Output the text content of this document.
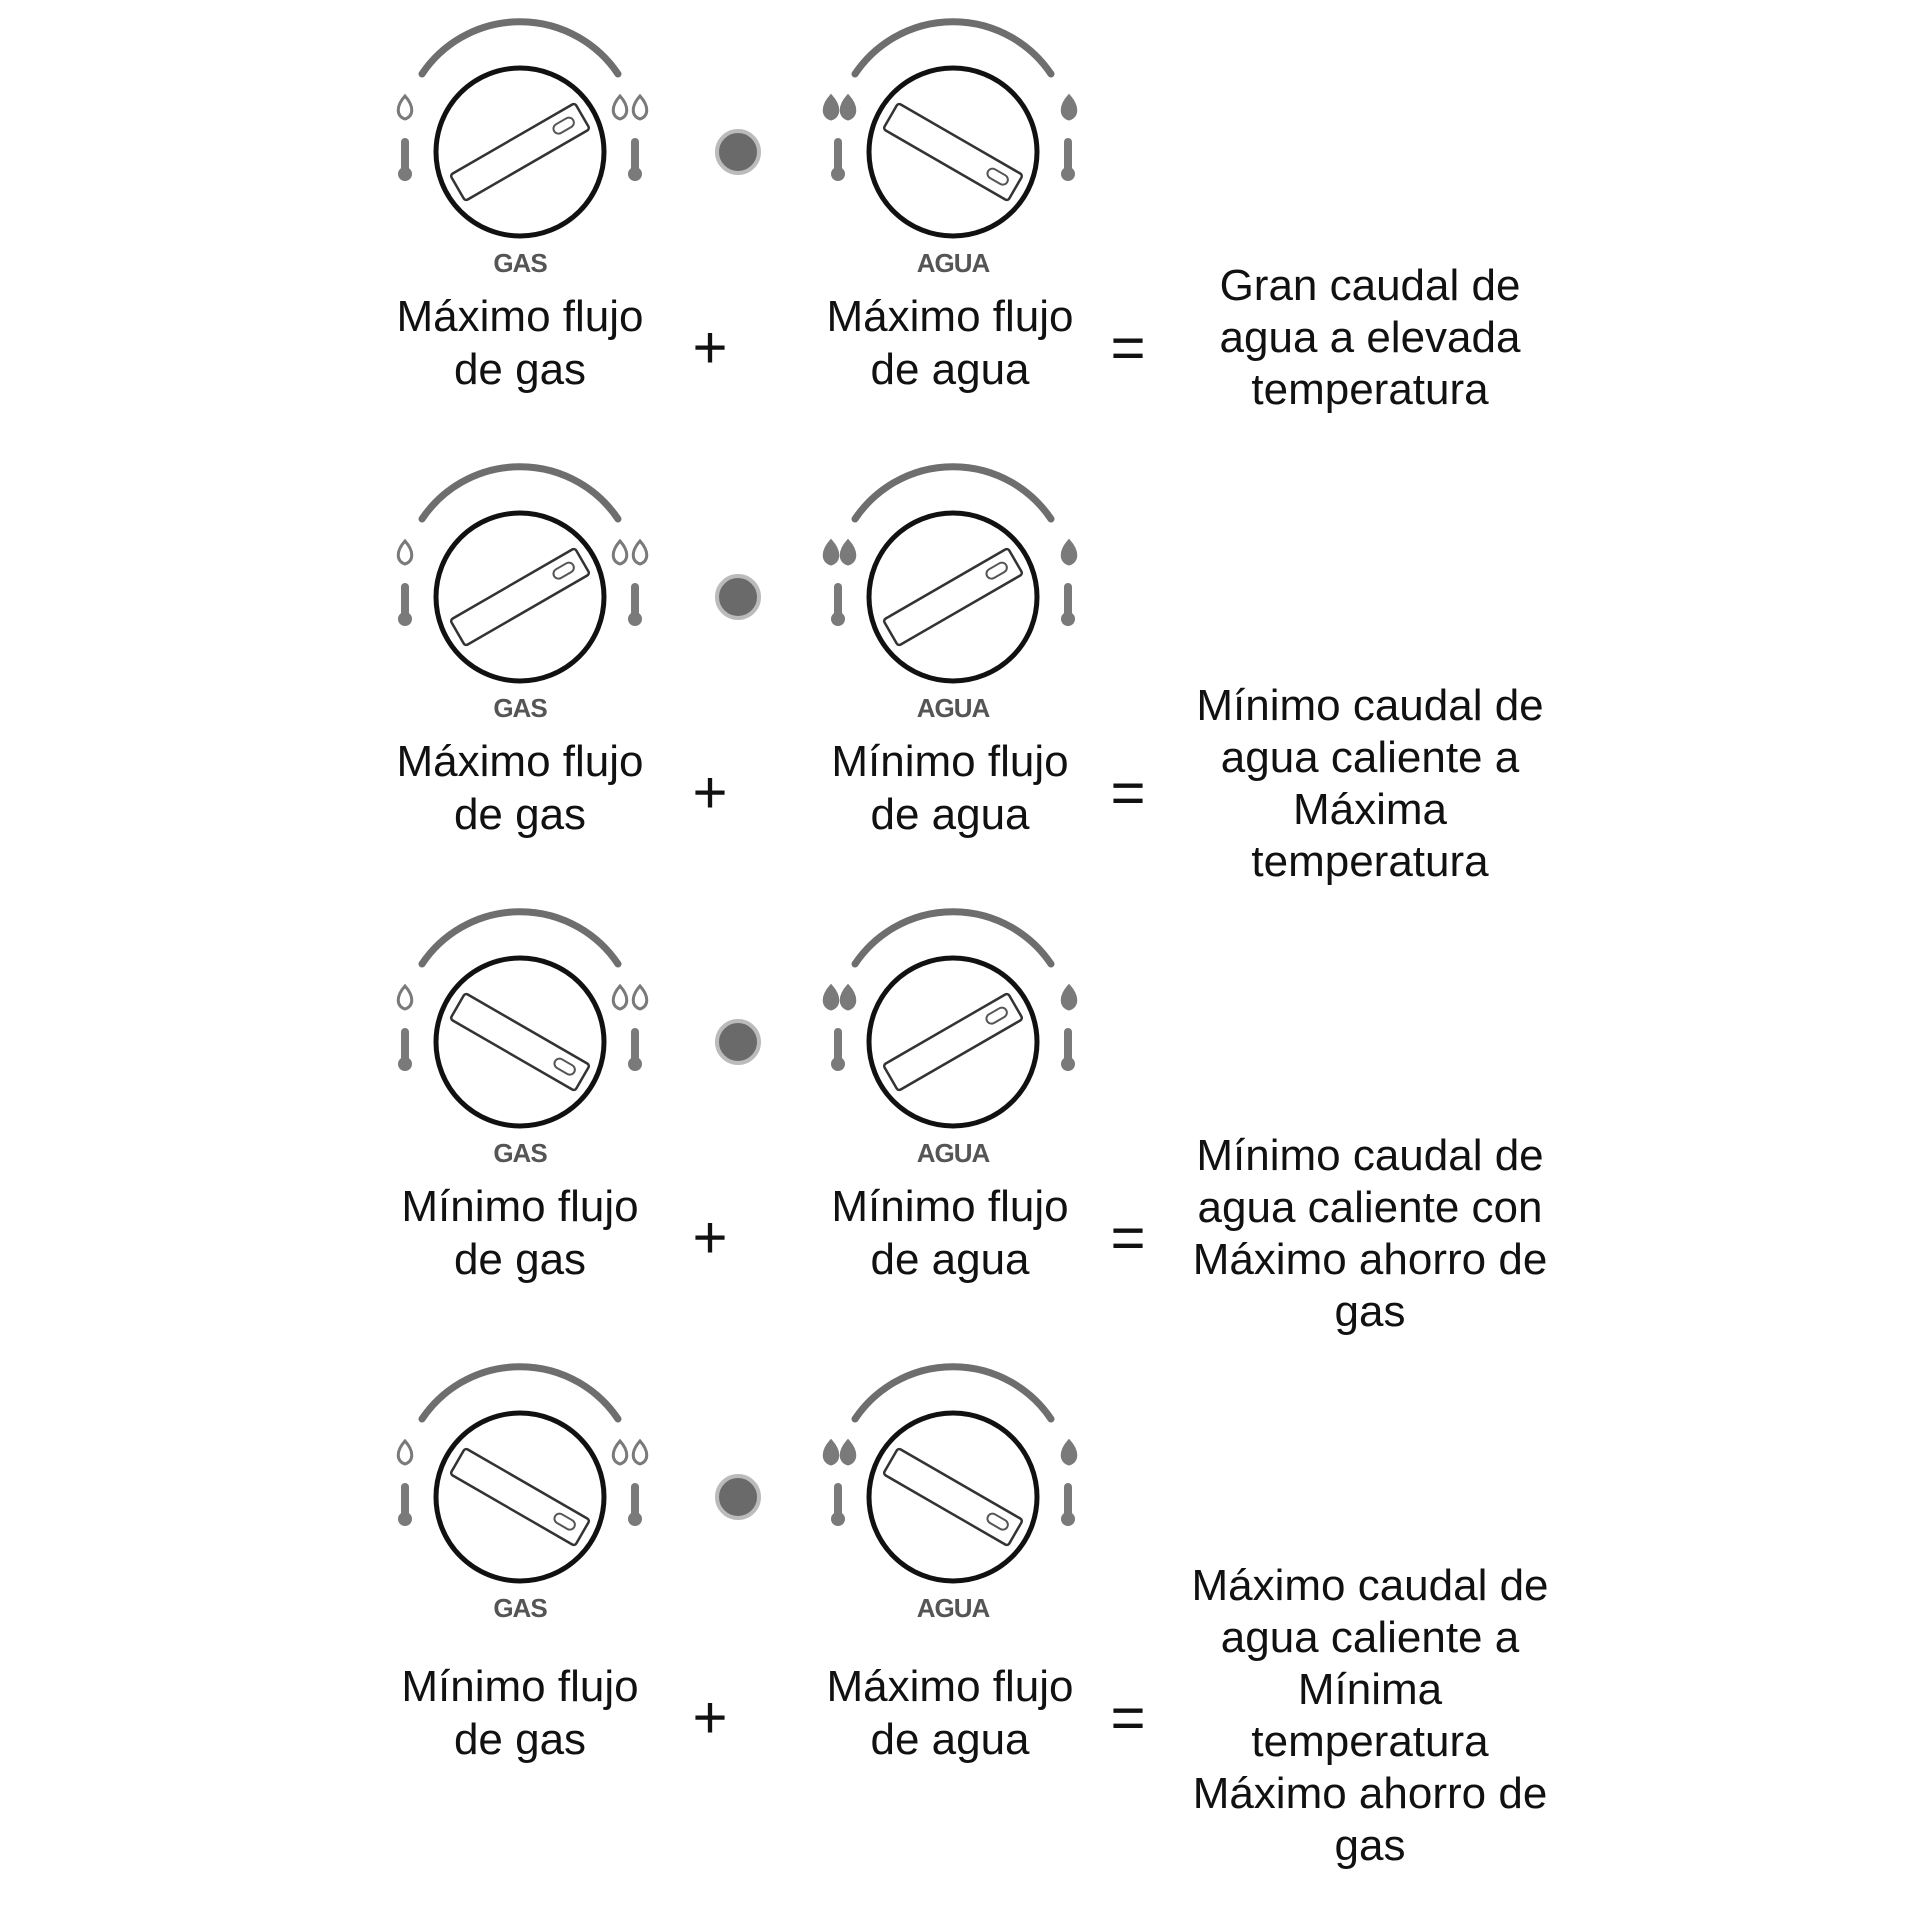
GAS	AGUA
Máximo flujo
de gas
Máximo flujo
de agua
+	=
Gran caudal de
agua a elevada
temperatura
GAS	AGUA
Máximo flujo
de gas
Mínimo flujo
de agua
+	=
Mínimo caudal de
agua caliente a
Máxima
temperatura
GAS	AGUA
Mínimo flujo
de gas
Mínimo flujo
de agua
+	=
Mínimo caudal de
agua caliente con
Máximo ahorro de
gas
GAS	AGUA
Mínimo flujo
de gas
Máximo flujo
de agua
+	=
Máximo caudal de
agua caliente a
Mínima
temperatura
Máximo ahorro de
gas
